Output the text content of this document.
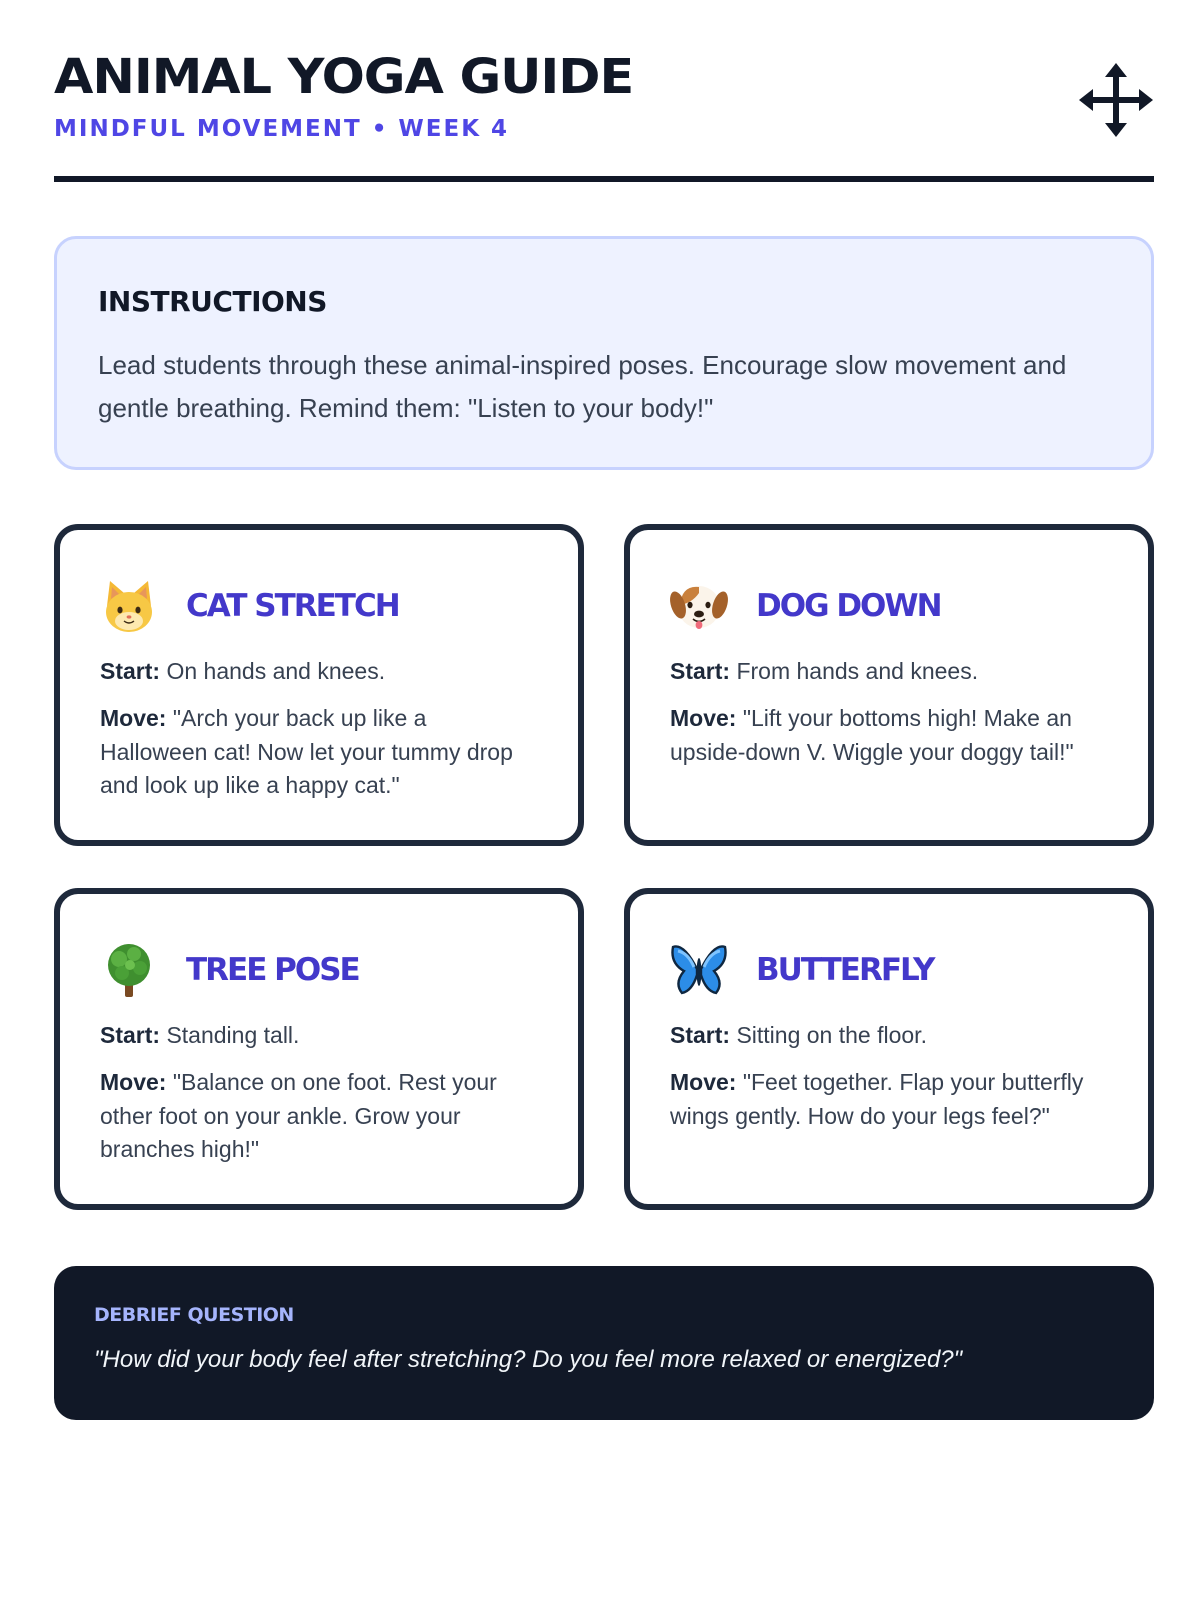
ANIMAL YOGA GUIDE
MINDFUL MOVEMENT • WEEK 4
INSTRUCTIONS
Lead students through these animal-inspired poses. Encourage slow movement and gentle breathing. Remind them: "Listen to your body!"
CAT STRETCH

Start: On hands and knees.

Move: "Arch your back up like a Halloween cat! Now let your tummy drop and look up like a happy cat."

DOG DOWN

Start: From hands and knees.

Move: "Lift your bottoms high! Make an upside-down V. Wiggle your doggy tail!"

TREE POSE

Start: Standing tall.

Move: "Balance on one foot. Rest your other foot on your ankle. Grow your branches high!"

BUTTERFLY

Start: Sitting on the floor.

Move: "Feet together. Flap your butterfly wings gently. How do your legs feel?"

DEBRIEF QUESTION
"How did your body feel after stretching? Do you feel more relaxed or energized?"
